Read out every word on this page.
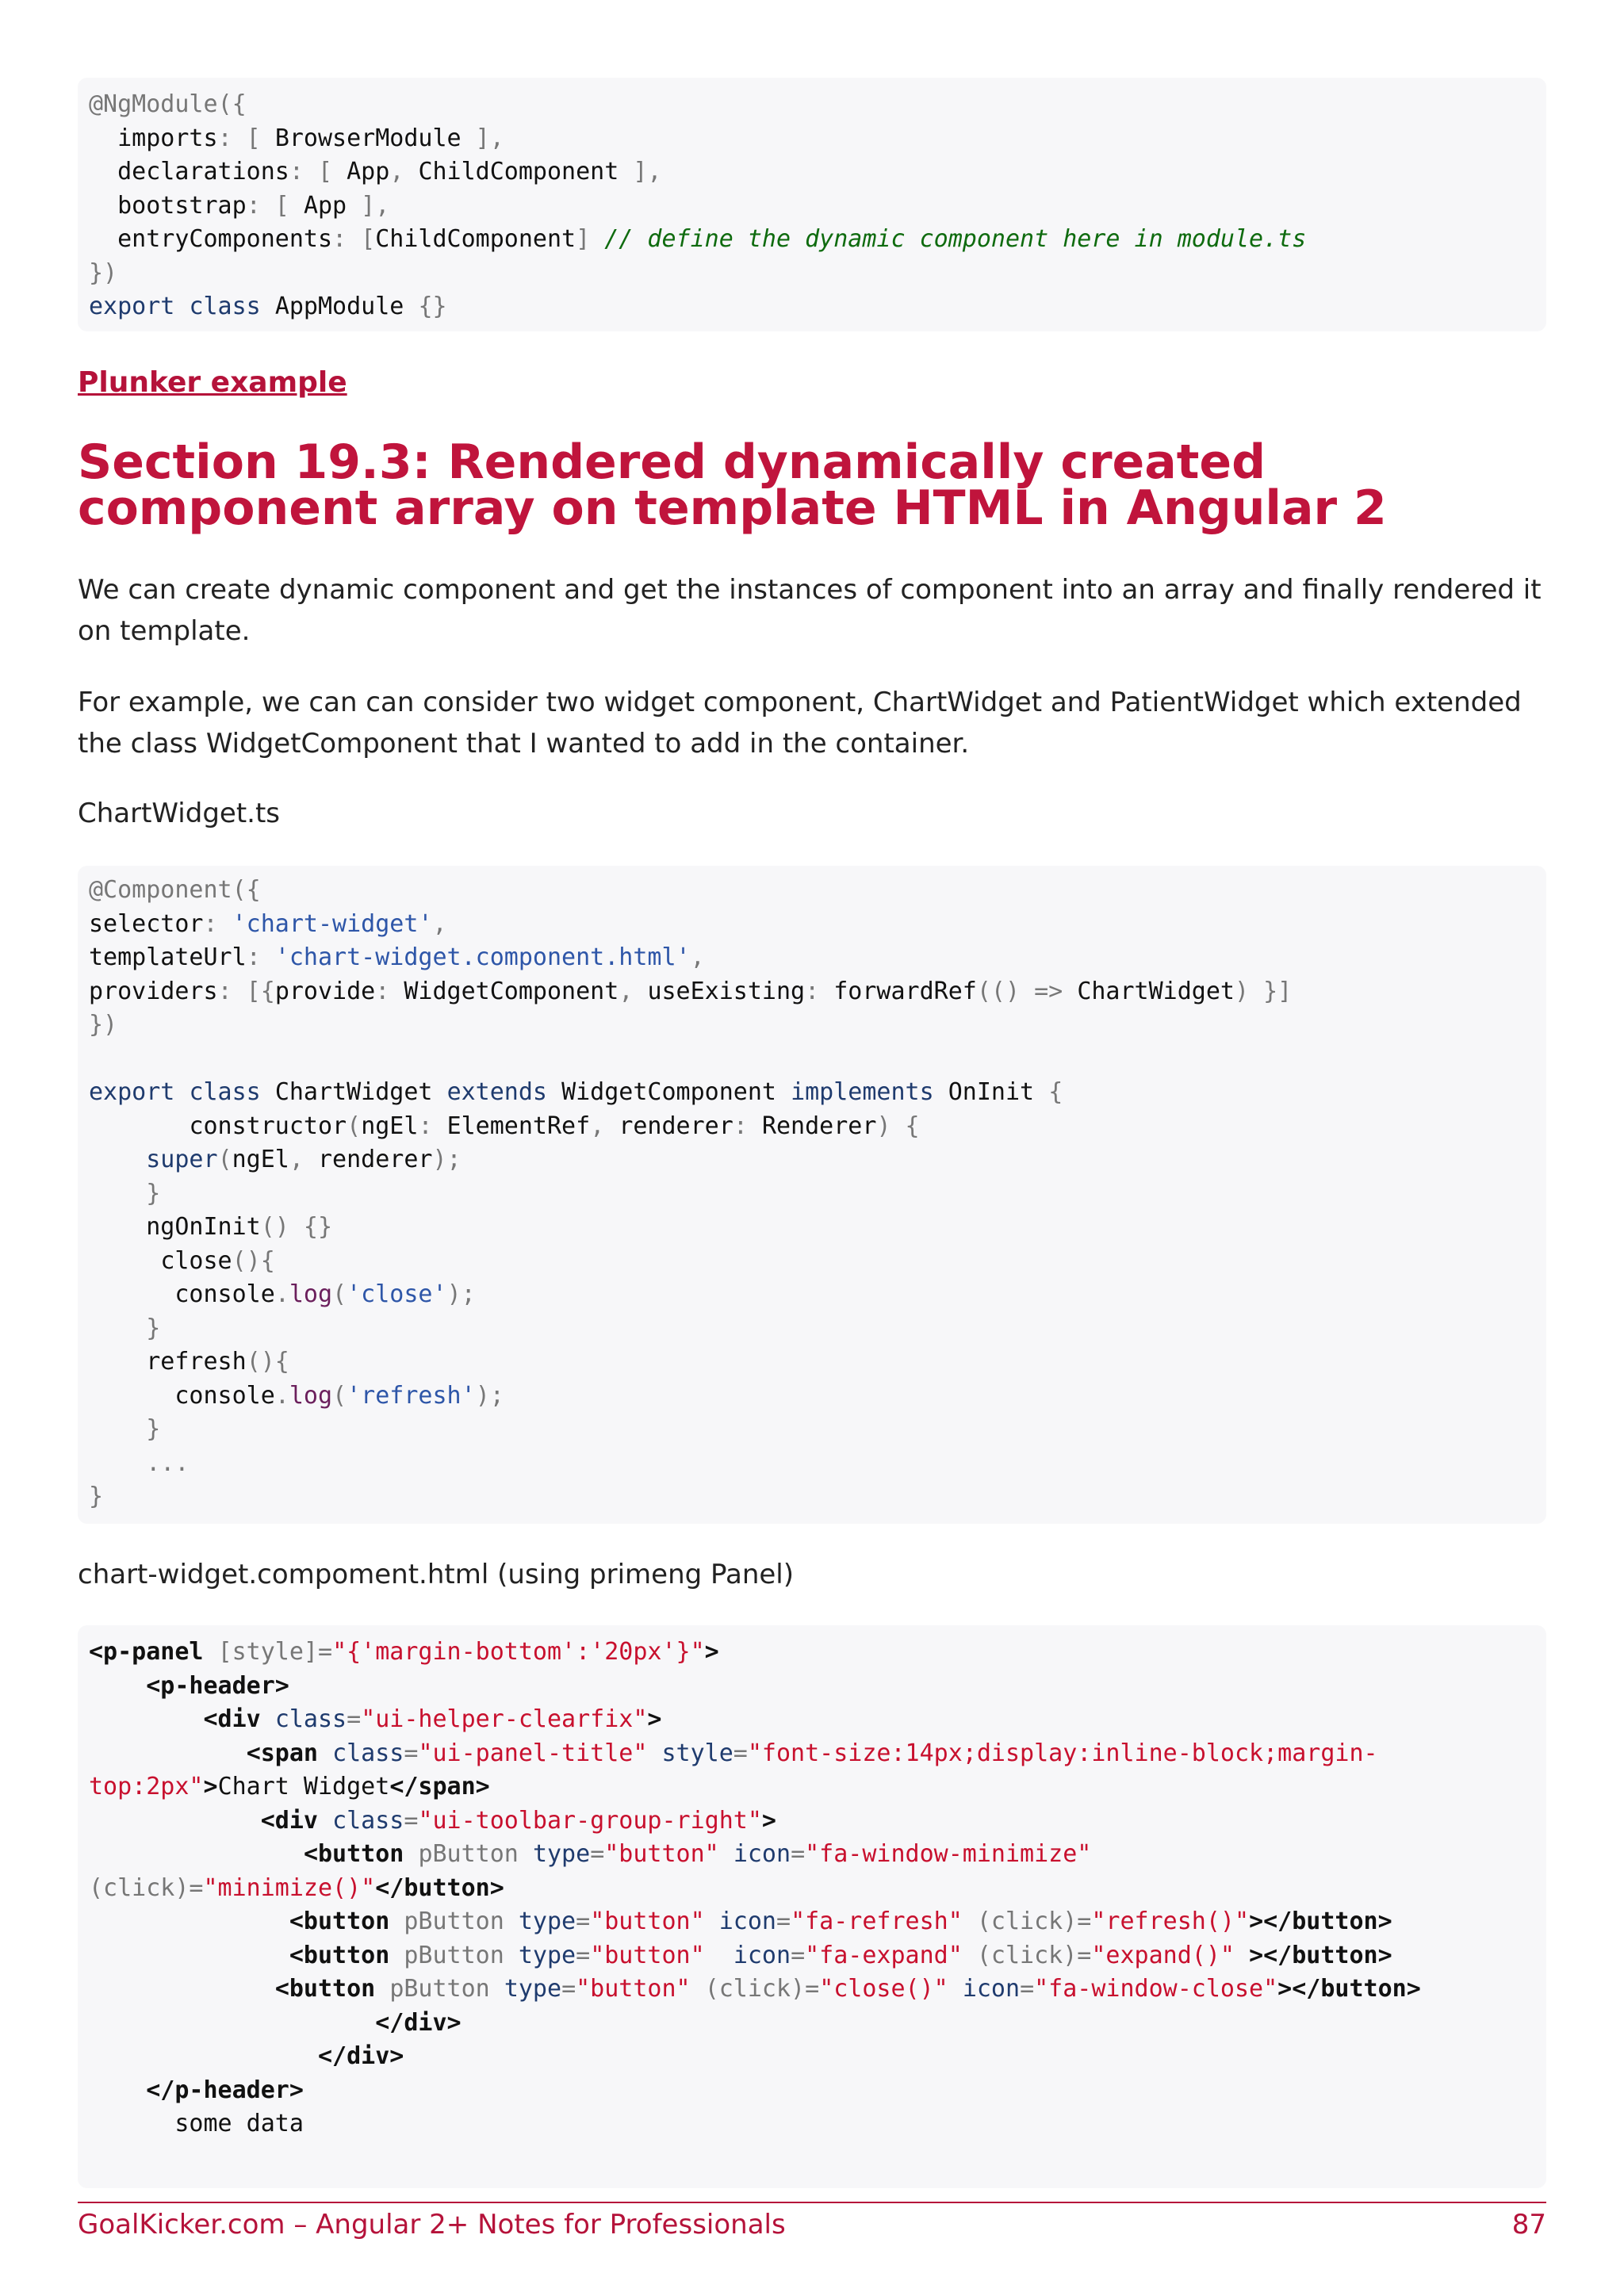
@NgModule({
imports: [ BrowserModule ],
declarations: [ App, ChildComponent ],
bootstrap: [ App ],
entryComponents: [ChildComponent] // define the dynamic component here in module.ts
})
export class AppModule {}
Plunker example
Section 19.3: Rendered dynamically created component array on template HTML in Angular 2

We can create dynamic component and get the instances of component into an array and finally rendered it on template.

For example, we can can consider two widget component, ChartWidget and PatientWidget which extended the class WidgetComponent that I wanted to add in the container.

ChartWidget.ts

@Component({
selector: 'chart-widget',
templateUrl: 'chart-widget.component.html',
providers: [{provide: WidgetComponent, useExisting: forwardRef(() => ChartWidget) }]
})

export class ChartWidget extends WidgetComponent implements OnInit {
constructor(ngEl: ElementRef, renderer: Renderer) {
super(ngEl, renderer);
}
ngOnInit() {}
close(){
console.log('close');
}
refresh(){
console.log('refresh');
}
...
}

chart-widget.compoment.html (using primeng Panel)

<p-panel [style]="{'margin-bottom':'20px'}">
<p-header>
<div class="ui-helper-clearfix">
<span class="ui-panel-title" style="font-size:14px;display:inline-block;margin-
top:2px">Chart Widget</span>
<div class="ui-toolbar-group-right">
<button pButton type="button" icon="fa-window-minimize"
(click)="minimize()"</button>
<button pButton type="button" icon="fa-refresh" (click)="refresh()"></button>
<button pButton type="button" icon="fa-expand" (click)="expand()" ></button>
<button pButton type="button" (click)="close()" icon="fa-window-close"></button>
</div>
</div>
</p-header>
some data
GoalKicker.com – Angular 2+ Notes for Professionals	87
